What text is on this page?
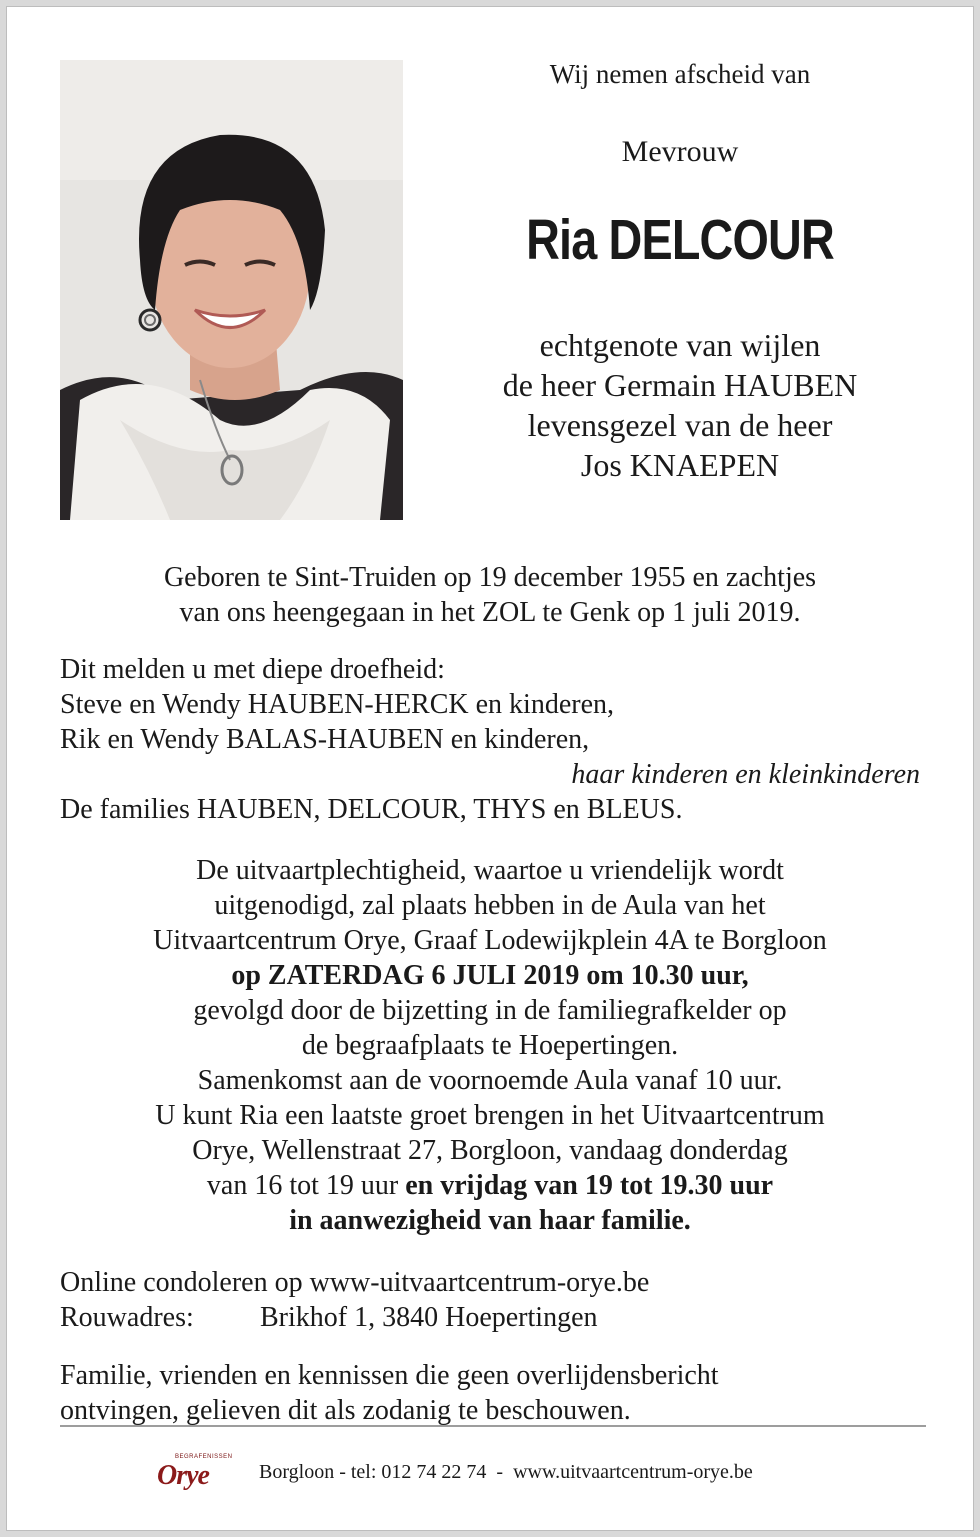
Wij nemen afscheid van
Mevrouw
Ria DELCOUR
echtgenote van wijlen
de heer Germain HAUBEN
levensgezel van de heer
Jos KNAEPEN
Geboren te Sint-Truiden op 19 december 1955 en zachtjes
van ons heengegaan in het ZOL te Genk op 1 juli 2019.
Dit melden u met diepe droefheid:
Steve en Wendy HAUBEN-HERCK en kinderen,
Rik en Wendy BALAS-HAUBEN en kinderen,
haar kinderen en kleinkinderen
De families HAUBEN, DELCOUR, THYS en BLEUS.
De uitvaartplechtigheid, waartoe u vriendelijk wordt
uitgenodigd, zal plaats hebben in de Aula van het
Uitvaartcentrum Orye, Graaf Lodewijkplein 4A te Borgloon
op ZATERDAG 6 JULI 2019 om 10.30 uur,
gevolgd door de bijzetting in de familiegrafkelder op
de begraafplaats te Hoepertingen.
Samenkomst aan de voornoemde Aula vanaf 10 uur.
U kunt Ria een laatste groet brengen in het Uitvaartcentrum
Orye, Wellenstraat 27, Borgloon, vandaag donderdag
van 16 tot 19 uur en vrijdag van 19 tot 19.30 uur
in aanwezigheid van haar familie.
Online condoleren op www-uitvaartcentrum-orye.be
Rouwadres: Brikhof 1, 3840 Hoepertingen
Familie, vrienden en kennissen die geen overlijdensbericht
ontvingen, gelieven dit als zodanig te beschouwen.
BEGRAFENISSEN
Orye	Borgloon - tel: 012 74 22 74 - www.uitvaartcentrum-orye.be
